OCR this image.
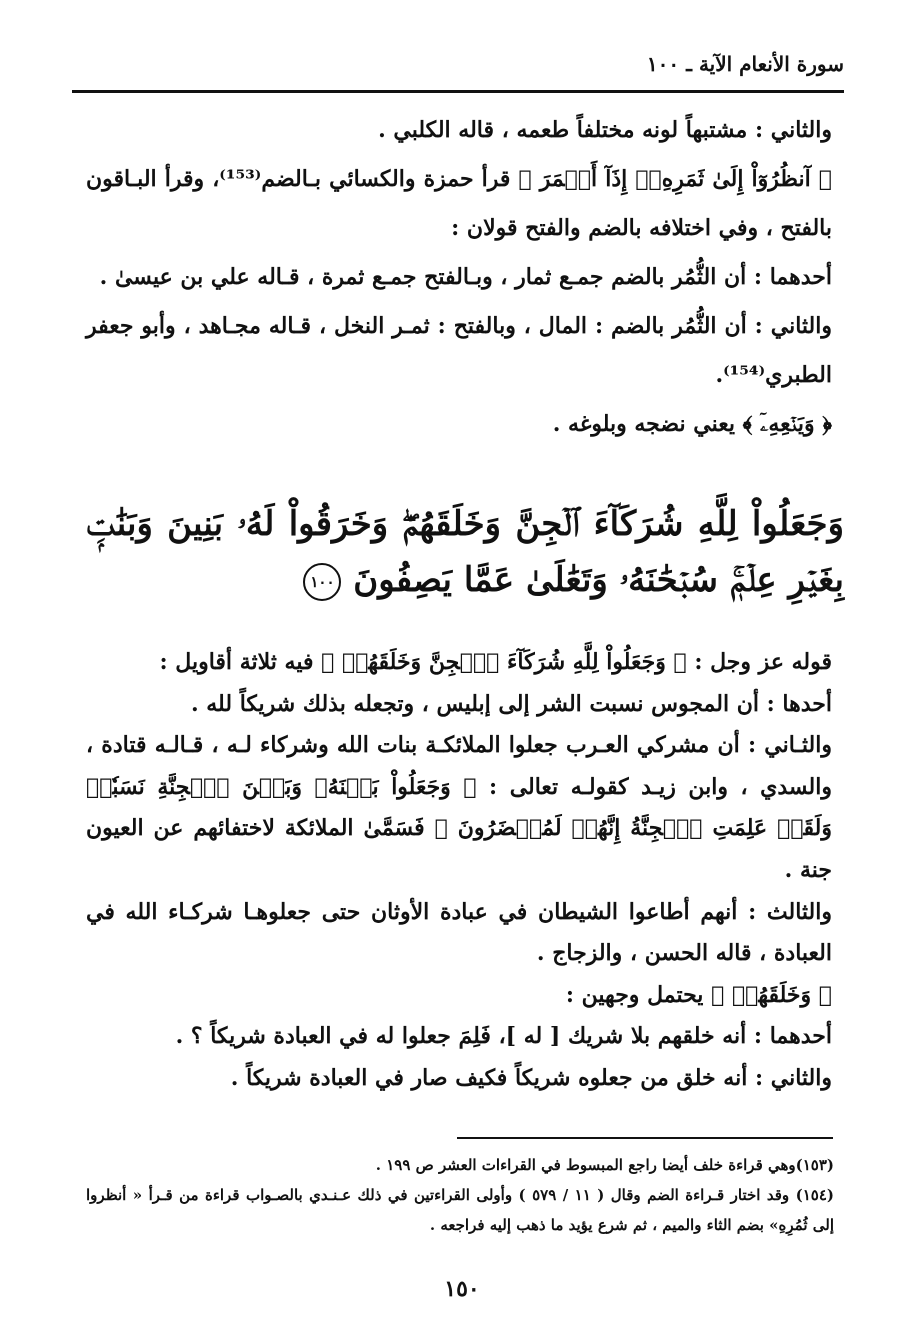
سورة الأنعام الآية ـ ١٠٠

والثاني : مشتبهاً لونه مختلفاً طعمه ، قاله الكلبي .

﴿ آنظُرُوٓاْ إِلَىٰ ثَمَرِهِۦٓ إِذَآ أَثۡمَرَ ﴾ قرأ حمزة والكسائي بـالضم⁽¹⁵³⁾، وقرأ البـاقون بالفتح ، وفي اختلافه بالضم والفتح قولان :

أحدهما : أن الثُّمُر بالضم جمـع ثمار ، وبـالفتح جمـع ثمرة ، قـاله علي بن عيسىٰ .

والثاني : أن الثُّمُر بالضم : المال ، وبالفتح : ثمـر النخل ، قـاله مجـاهد ، وأبو جعفر الطبري⁽¹⁵⁴⁾.

﴿ وَيَنۡعِهِۦٓ ﴾ يعني نضجه وبلوغه .

وَجَعَلُواْ لِلَّهِ شُرَكَآءَ ٱلۡجِنَّ وَخَلَقَهُمۡۖ وَخَرَقُواْ لَهُۥ بَنِينَ وَبَنَٰتِۭ بِغَيۡرِ عِلۡمٖۚ سُبۡحَٰنَهُۥ وَتَعَٰلَىٰ عَمَّا يَصِفُونَ ١٠٠

قوله عز وجل : ﴿ وَجَعَلُواْ لِلَّهِ شُرَكَآءَ ٱلۡجِنَّ وَخَلَقَهُمۡ ﴾ فيه ثلاثة أقاويل :

أحدها : أن المجوس نسبت الشر إلى إبليس ، وتجعله بذلك شريكاً لله .

والثـاني : أن مشركي العـرب جعلوا الملائكـة بنات الله وشركاء لـه ، قـالـه قتادة ، والسدي ، وابن زيـد كقولـه تعالى : ﴿ وَجَعَلُواْ بَيۡنَهُۥ وَبَيۡنَ ٱلۡجِنَّةِ نَسَبٗاۚ وَلَقَدۡ عَلِمَتِ ٱلۡجِنَّةُ إِنَّهُمۡ لَمُحۡضَرُونَ ﴾ فَسَمَّىٰ الملائكة لاختفائهم عن العيون جنة .

والثالث : أنهم أطاعوا الشيطان في عبادة الأوثان حتى جعلوهـا شركـاء الله في العبادة ، قاله الحسن ، والزجاج .

﴿ وَخَلَقَهُمۡ ﴾ يحتمل وجهين :

أحدهما : أنه خلقهم بلا شريك [ له ]، فَلِمَ جعلوا له في العبادة شريكاً ؟ .

والثاني : أنه خلق من جعلوه شريكاً فكيف صار في العبادة شريكاً .

(١٥٣)وهي قراءة خلف أيضا راجع المبسوط في القراءات العشر ص ١٩٩ .

(١٥٤) وقد اختار قـراءة الضم وقال ( ١١ / ٥٧٩ ) وأولى القراءتين في ذلك عـنـدي بالصـواب قراءة من قـرأ « أنظروا إلى ثُمُرِهِ» بضم الثاء والميم ، ثم شرع يؤيد ما ذهب إليه فراجعه .

١٥٠
